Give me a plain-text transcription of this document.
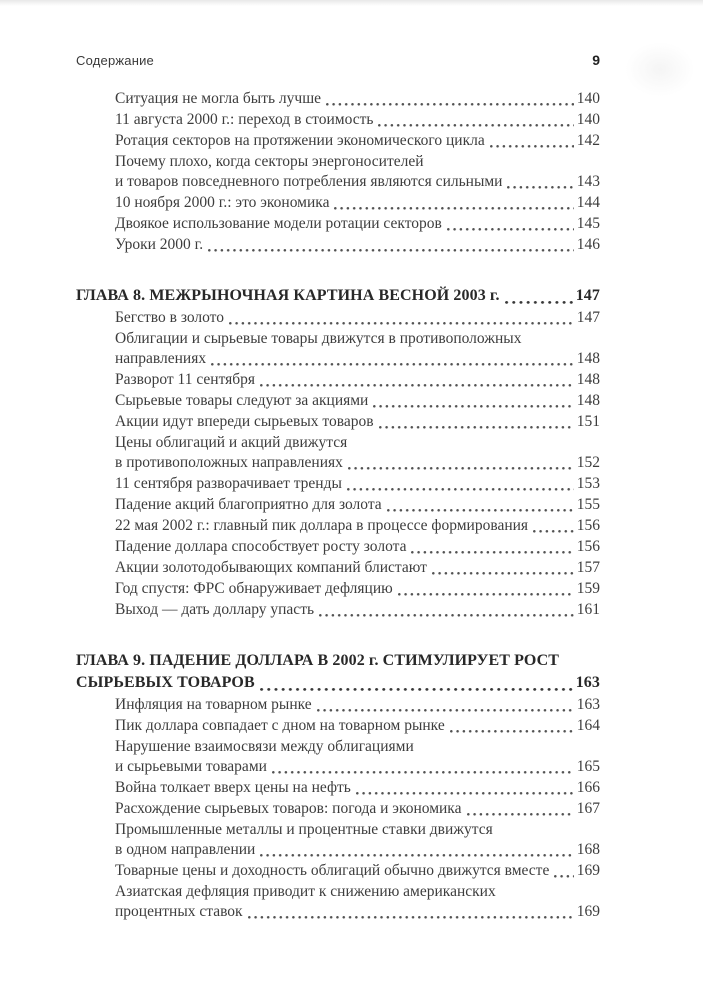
Содержание	9
Ситуация не могла быть лучше	140
11 августа 2000 г.: переход в стоимость	140
Ротация секторов на протяжении экономического цикла	142
Почему плохо, когда секторы энергоносителей
и товаров повседневного потребления являются сильными	143
10 ноября 2000 г.: это экономика	144
Двоякое использование модели ротации секторов	145
Уроки 2000 г.	146
ГЛАВА 8. МЕЖРЫНОЧНАЯ КАРТИНА ВЕСНОЙ 2003 г.	147
Бегство в золото	147
Облигации и сырьевые товары движутся в противоположных
направлениях	148
Разворот 11 сентября	148
Сырьевые товары следуют за акциями	148
Акции идут впереди сырьевых товаров	151
Цены облигаций и акций движутся
в противоположных направлениях	152
11 сентября разворачивает тренды	153
Падение акций благоприятно для золота	155
22 мая 2002 г.: главный пик доллара в процессе формирования	156
Падение доллара способствует росту золота	156
Акции золотодобывающих компаний блистают	157
Год спустя: ФРС обнаруживает дефляцию	159
Выход — дать доллару упасть	161
ГЛАВА 9. ПАДЕНИЕ ДОЛЛАРА В 2002 г. СТИМУЛИРУЕТ РОСТ
СЫРЬЕВЫХ ТОВАРОВ	163
Инфляция на товарном рынке	163
Пик доллара совпадает с дном на товарном рынке	164
Нарушение взаимосвязи между облигациями
и сырьевыми товарами	165
Война толкает вверх цены на нефть	166
Расхождение сырьевых товаров: погода и экономика	167
Промышленные металлы и процентные ставки движутся
в одном направлении	168
Товарные цены и доходность облигаций обычно движутся вместе 169
Азиатская дефляция приводит к снижению американских
процентных ставок	169
